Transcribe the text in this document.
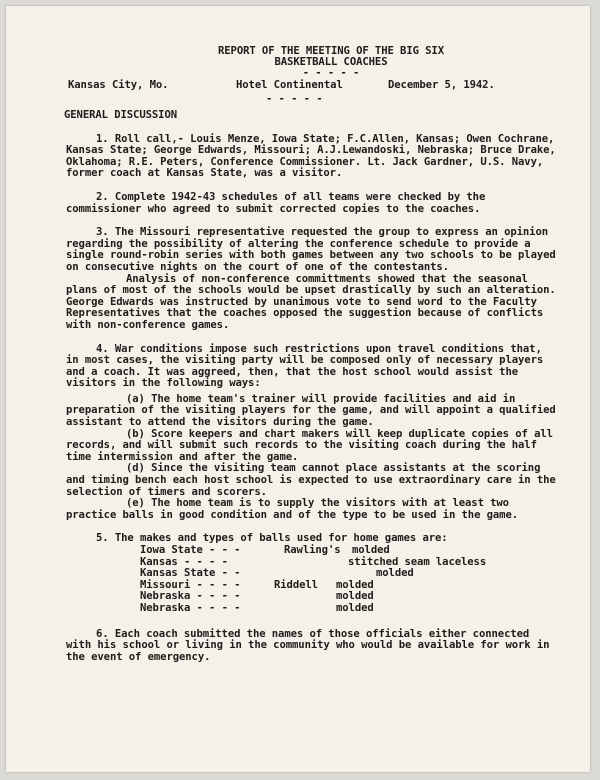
REPORT OF THE MEETING OF THE BIG SIX
BASKETBALL COACHES
- - - - -
Kansas City, Mo.	Hotel Continental	December 5, 1942.
- - - - -
GENERAL DISCUSSION

1. Roll call,- Louis Menze, Iowa State; F.C.Allen, Kansas; Owen Cochrane, Kansas State; George Edwards, Missouri; A.J.Lewandoski, Nebraska; Bruce Drake, Oklahoma; R.E. Peters, Conference Commissioner. Lt. Jack Gardner, U.S. Navy, former coach at Kansas State, was a visitor.

2. Complete 1942-43 schedules of all teams were checked by the commissioner who agreed to submit corrected copies to the coaches.

3. The Missouri representative requested the group to express an opinion regarding the possibility of altering the conference schedule to provide a single round-robin series with both games between any two schools to be played on consecutive nights on the court of one of the contestants.

Analysis of non-conference committments showed that the seasonal plans of most of the schools would be upset drastically by such an alteration. George Edwards was instructed by unanimous vote to send word to the Faculty Representatives that the coaches opposed the suggestion because of conflicts with non-conference games.

4. War conditions impose such restrictions upon travel conditions that, in most cases, the visiting party will be composed only of necessary players and a coach. It was aggreed, then, that the host school would assist the visitors in the following ways:

(a) The home team's trainer will provide facilities and aid in preparation of the visiting players for the game, and will appoint a qualified assistant to attend the visitors during the game.

(b) Score keepers and chart makers will keep duplicate copies of all records, and will submit such records to the visiting coach during the half time intermission and after the game.

(d) Since the visiting team cannot place assistants at the scoring and timing bench each host school is expected to use extraordinary care in the selection of timers and scorers.

(e) The home team is to supply the visitors with at least two practice balls in good condition and of the type to be used in the game.

5. The makes and types of balls used for home games are:

Iowa State - - -	Rawling's molded
Kansas - - - -	stitched seam laceless
Kansas State - -	molded
Missouri - - - -	Riddell molded
Nebraska - - - -	molded
Nebraska - - - -	molded

6. Each coach submitted the names of those officials either connected with his school or living in the community who would be available for work in the event of emergency.
